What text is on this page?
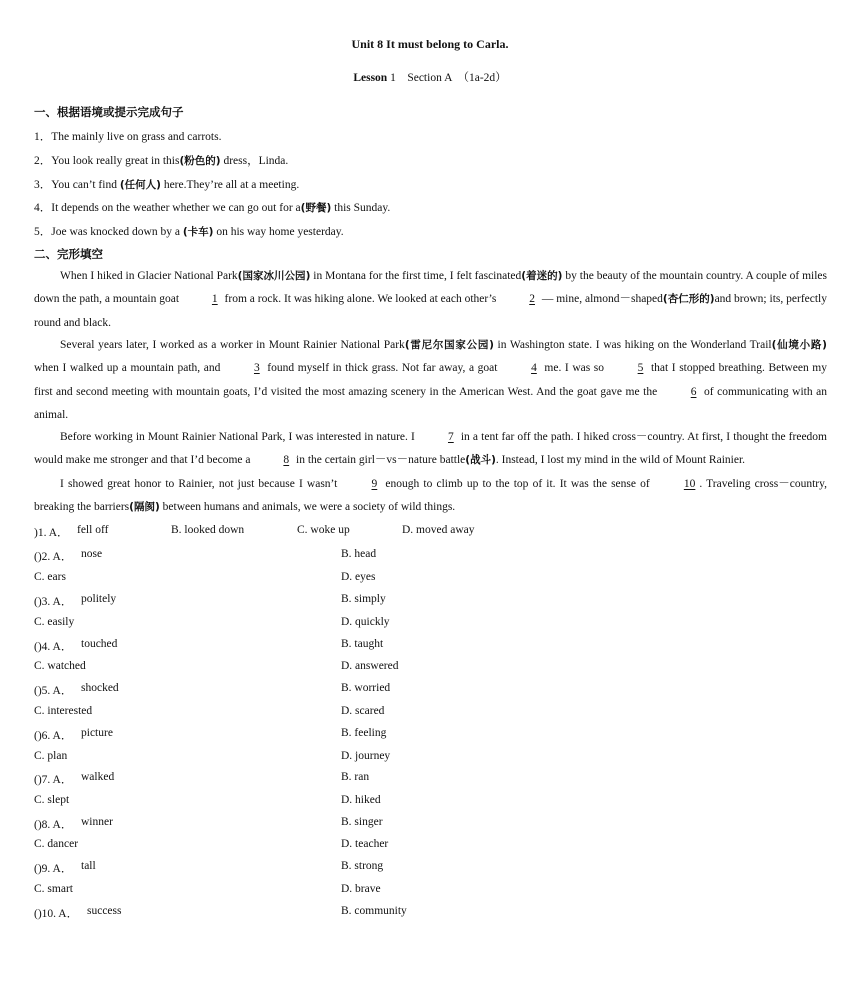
Unit 8 It must belong to Carla.
Lesson 1    Section A  （1a-2d）
一、根据语境或提示完成句子
1．The mainly live on grass and carrots.
2．You look really great in this(粉色的) dress，Linda.
3．You can’t find (任何人) here.They’re all at a meeting.
4．It depends on the weather whether we can go out for a(野餐) this Sunday.
5．Joe was knocked down by a (卡车) on his way home yesterday.
二、完形填空
When I hiked in Glacier National Park(国家冰川公园) in Montana for the first time, I felt fascinated(着迷的) by the beauty of the mountain country. A couple of miles down the path, a mountain goat	1 from a rock. It was hiking alone. We looked at each other’s	2 — mine, almond－shaped(杏仁形的)and brown; its, perfectly round and black.
Several years later, I worked as a worker in Mount Rainier National Park(雷尼尔国家公园) in Washington state. I was hiking on the Wonderland Trail(仙境小路) when I walked up a mountain path, and	3 found myself in thick grass. Not far away, a goat	4 me. I was so	5 that I stopped breathing. Between my first and second meeting with mountain goats, I’d visited the most amazing scenery in the American West. And the goat gave me the	6 of communicating with an animal.
Before working in Mount Rainier National Park, I was interested in nature. I	7 in a tent far off the path. I hiked cross－country. At first, I thought the freedom would make me stronger and that I’d become a	8 in the certain girl－vs－nature battle(战斗). Instead, I lost my mind in the wild of Mount Rainier.
I showed great honor to Rainier, not just because I wasn’t	9 enough to climb up to the top of it. It was the sense of	10 . Traveling cross－country, breaking the barriers(隔阂) between humans and animals, we were a society of wild things.
)1. A． fell off	B. looked down	C. woke up	D. moved away
()2. A． nose	B. head
C. ears	D. eyes
()3. A． politely	B. simply
C. easily	D. quickly
()4. A． touched	B. taught
C. watched	D. answered
()5. A． shocked	B. worried
C. interested	D. scared
()6. A． picture	B. feeling
C. plan	D. journey
()7. A． walked	B. ran
C. slept	D. hiked
()8. A． winner	B. singer
C. dancer	D. teacher
()9. A． tall	B. strong
C. smart	D. brave
()10. A． success	B. community
